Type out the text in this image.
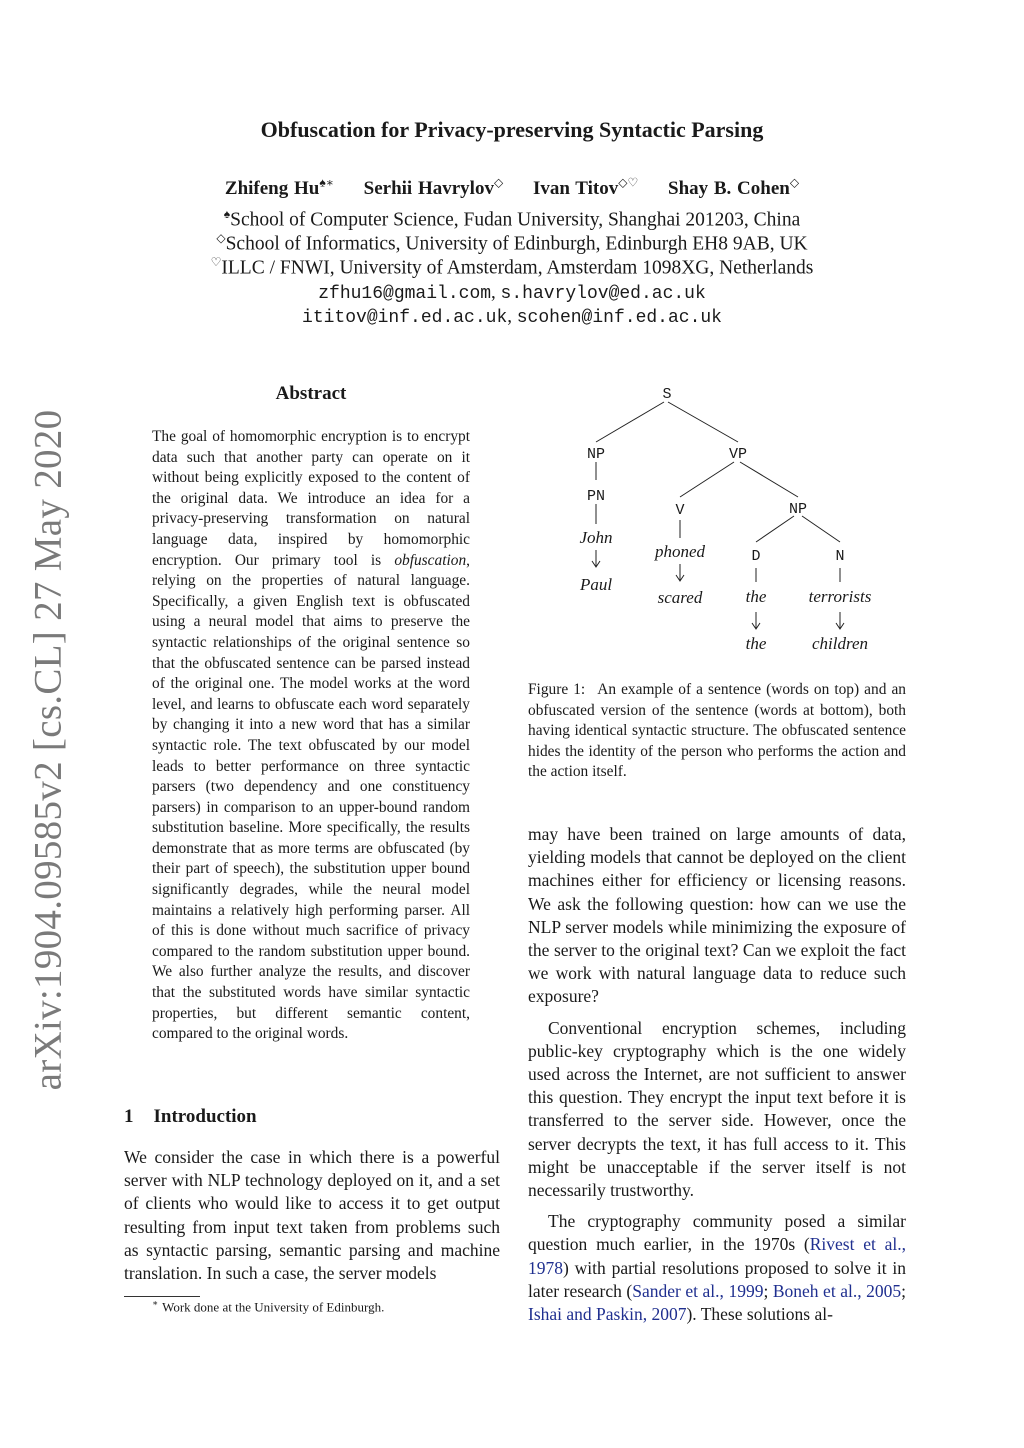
arXiv:1904.09585v2 [cs.CL] 27 May 2020
Obfuscation for Privacy-preserving Syntactic Parsing
Zhifeng Hu♠∗ Serhii Havrylov◇ Ivan Titov◇♡ Shay B. Cohen◇
♠School of Computer Science, Fudan University, Shanghai 201203, China
◇School of Informatics, University of Edinburgh, Edinburgh EH8 9AB, UK
♡ILLC / FNWI, University of Amsterdam, Amsterdam 1098XG, Netherlands
zfhu16@gmail.com, s.havrylov@ed.ac.uk
ititov@inf.ed.ac.uk, scohen@inf.ed.ac.uk
Abstract
The goal of homomorphic encryption is to encrypt data such that another party can operate on it without being explicitly exposed to the content of the original data. We introduce an idea for a privacy-preserving transformation on natural language data, inspired by homomorphic encryption. Our primary tool is obfuscation, relying on the properties of natural language. Specifically, a given English text is obfuscated using a neural model that aims to preserve the syntactic relationships of the original sentence so that the obfuscated sentence can be parsed instead of the original one. The model works at the word level, and learns to obfuscate each word separately by changing it into a new word that has a similar syntactic role. The text obfuscated by our model leads to better performance on three syntactic parsers (two dependency and one constituency parsers) in comparison to an upper-bound random substitution baseline. More specifically, the results demonstrate that as more terms are obfuscated (by their part of speech), the substitution upper bound significantly degrades, while the neural model maintains a relatively high performing parser. All of this is done without much sacrifice of privacy compared to the random substitution upper bound. We also further analyze the results, and discover that the substituted words have similar syntactic properties, but different semantic content, compared to the original words.
1 Introduction
We consider the case in which there is a powerful server with NLP technology deployed on it, and a set of clients who would like to access it to get output resulting from input text taken from problems such as syntactic parsing, semantic parsing and machine translation. In such a case, the server models
∗ Work done at the University of Edinburgh.
S
NP	VP
PN
V	NP
D	N
John
Paul
phoned
scared	the
the
terrorists
children
Figure 1: An example of a sentence (words on top) and an obfuscated version of the sentence (words at bottom), both having identical syntactic structure. The obfuscated sentence hides the identity of the person who performs the action and the action itself.

may have been trained on large amounts of data, yielding models that cannot be deployed on the client machines either for efficiency or licensing reasons. We ask the following question: how can we use the NLP server models while minimizing the exposure of the server to the original text? Can we exploit the fact we work with natural language data to reduce such exposure?

Conventional encryption schemes, including public-key cryptography which is the one widely used across the Internet, are not sufficient to answer this question. They encrypt the input text before it is transferred to the server side. However, once the server decrypts the text, it has full access to it. This might be unacceptable if the server itself is not necessarily trustworthy.

The cryptography community posed a similar question much earlier, in the 1970s (Rivest et al., 1978) with partial resolutions proposed to solve it in later research (Sander et al., 1999; Boneh et al., 2005; Ishai and Paskin, 2007). These solutions al-
